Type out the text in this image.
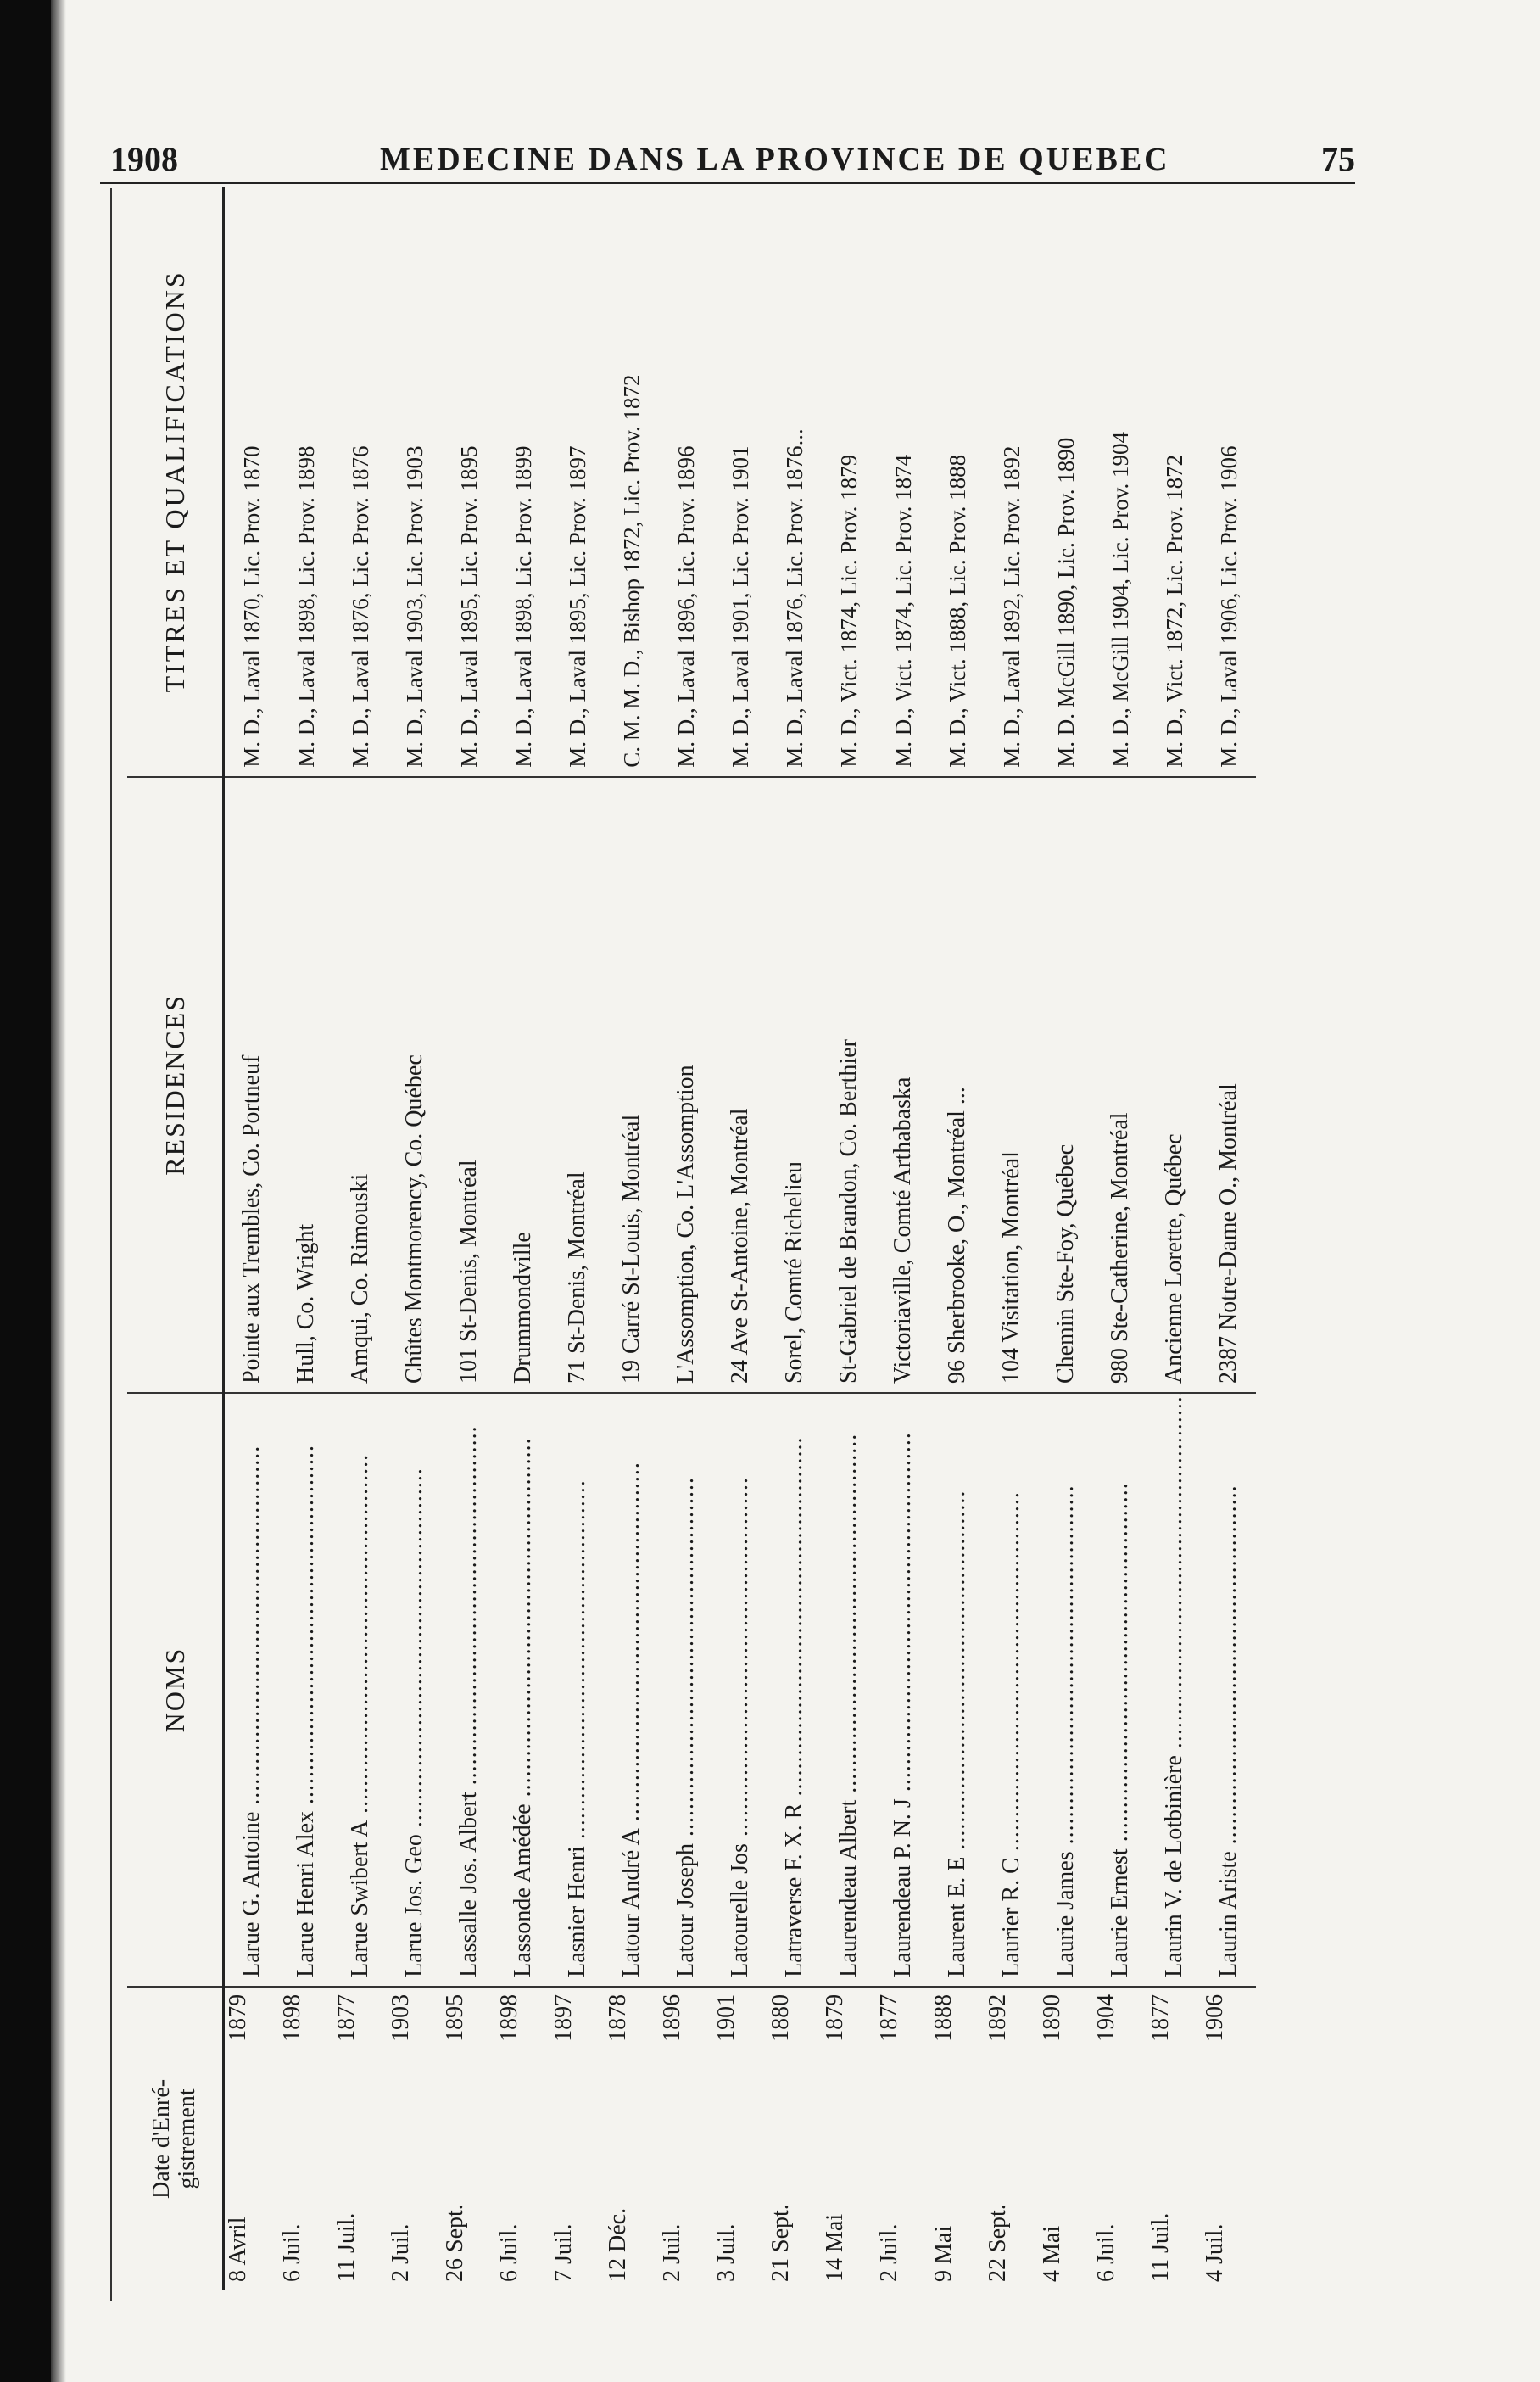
1908	MEDECINE DANS LA PROVINCE DE QUEBEC	75
Date d'Enré- gistrement	NOMS	RESIDENCES	TITRES ET QUALIFICATIONS

8 Avril
1879
Larue G. Antoine .....	Pointe aux Trembles, Co. Portneuf	M. D., Laval 1870, Lic. Prov. 1870

6 Juil.
1898
Larue Henri Alex .....	Hull, Co. Wright	M. D., Laval 1898, Lic. Prov. 1898

11 Juil.
1877
Larue Swibert A .....	Amqui, Co. Rimouski	M. D., Laval 1876, Lic. Prov. 1876

2 Juil.
1903
Larue Jos. Geo .....	Chûtes Montmorency, Co. Québec	M. D., Laval 1903, Lic. Prov. 1903

26 Sept.
1895
Lassalle Jos. Albert .....	101 St-Denis, Montréal	M. D., Laval 1895, Lic. Prov. 1895

6 Juil.
1898
Lassonde Amédée .....	Drummondville	M. D., Laval 1898, Lic. Prov. 1899

7 Juil.
1897
Lasnier Henri .....	71 St-Denis, Montréal	M. D., Laval 1895, Lic. Prov. 1897

12 Déc.
1878
Latour André A .....	19 Carré St-Louis, Montréal	C. M. M. D., Bishop 1872, Lic. Prov. 1872

2 Juil.
1896
Latour Joseph .....	L'Assomption, Co. L'Assomption	M. D., Laval 1896, Lic. Prov. 1896

3 Juil.
1901
Latourelle Jos .....	24 Ave St-Antoine, Montréal	M. D., Laval 1901, Lic. Prov. 1901

21 Sept.
1880
Latraverse F. X. R .....	Sorel, Comté Richelieu	M. D., Laval 1876, Lic. Prov. 1876...

14 Mai
1879
Laurendeau Albert .....	St-Gabriel de Brandon, Co. Berthier	M. D., Vict. 1874, Lic. Prov. 1879

2 Juil.
1877
Laurendeau P. N. J .....	Victoriaville, Comté Arthabaska	M. D., Vict. 1874, Lic. Prov. 1874

9 Mai
1888
Laurent E. E .....	96 Sherbrooke, O., Montréal ...	M. D., Vict. 1888, Lic. Prov. 1888

22 Sept.
1892
Laurier R. C .....	104 Visitation, Montréal	M. D., Laval 1892, Lic. Prov. 1892

4 Mai
1890
Laurie James .....	Chemin Ste-Foy, Québec	M. D. McGill 1890, Lic. Prov. 1890

6 Juil.
1904
Laurie Ernest .....	980 Ste-Catherine, Montréal	M. D., McGill 1904, Lic. Prov. 1904

11 Juil.
1877
Laurin V. de Lotbinière .....	Ancienne Lorette, Québec	M. D., Vict. 1872, Lic. Prov. 1872

4 Juil.
1906
Laurin Ariste .....	2387 Notre-Dame O., Montréal	M. D., Laval 1906, Lic. Prov. 1906
